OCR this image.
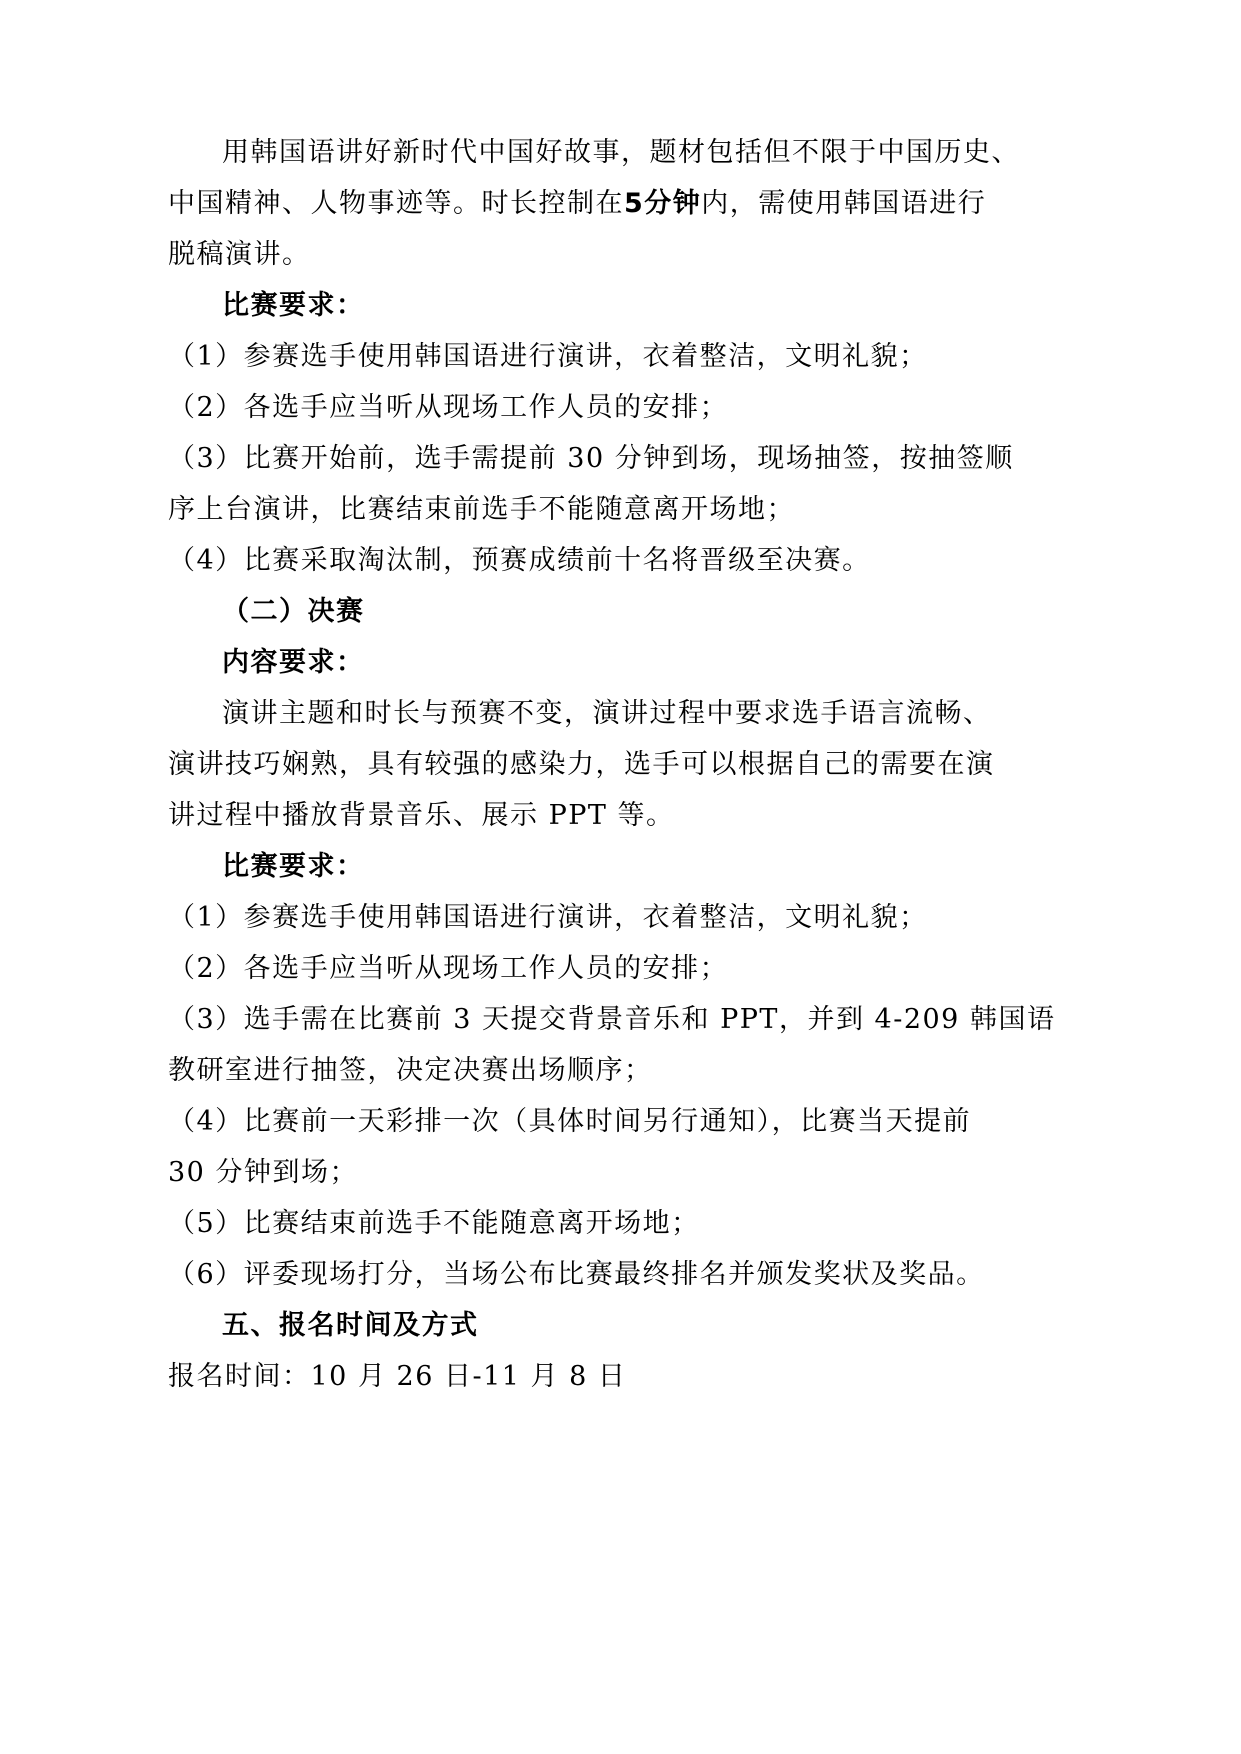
用韩国语讲好新时代中国好故事，题材包括但不限于中国历史、
中国精神、人物事迹等。时长控制在5分钟内，需使用韩国语进行
脱稿演讲。
比赛要求：
（1）参赛选手使用韩国语进行演讲，衣着整洁，文明礼貌；
（2）各选手应当听从现场工作人员的安排；
（3）比赛开始前，选手需提前 30 分钟到场，现场抽签，按抽签顺
序上台演讲，比赛结束前选手不能随意离开场地；
（4）比赛采取淘汰制，预赛成绩前十名将晋级至决赛。
（二）决赛
内容要求：
演讲主题和时长与预赛不变，演讲过程中要求选手语言流畅、
演讲技巧娴熟，具有较强的感染力，选手可以根据自己的需要在演
讲过程中播放背景音乐、展示 PPT 等。
比赛要求：
（1）参赛选手使用韩国语进行演讲，衣着整洁，文明礼貌；
（2）各选手应当听从现场工作人员的安排；
（3）选手需在比赛前 3 天提交背景音乐和 PPT，并到 4-209 韩国语
教研室进行抽签，决定决赛出场顺序；
（4）比赛前一天彩排一次（具体时间另行通知），比赛当天提前
30 分钟到场；
（5）比赛结束前选手不能随意离开场地；
（6）评委现场打分，当场公布比赛最终排名并颁发奖状及奖品。
五、报名时间及方式
报名时间：10 月 26 日-11 月 8 日
